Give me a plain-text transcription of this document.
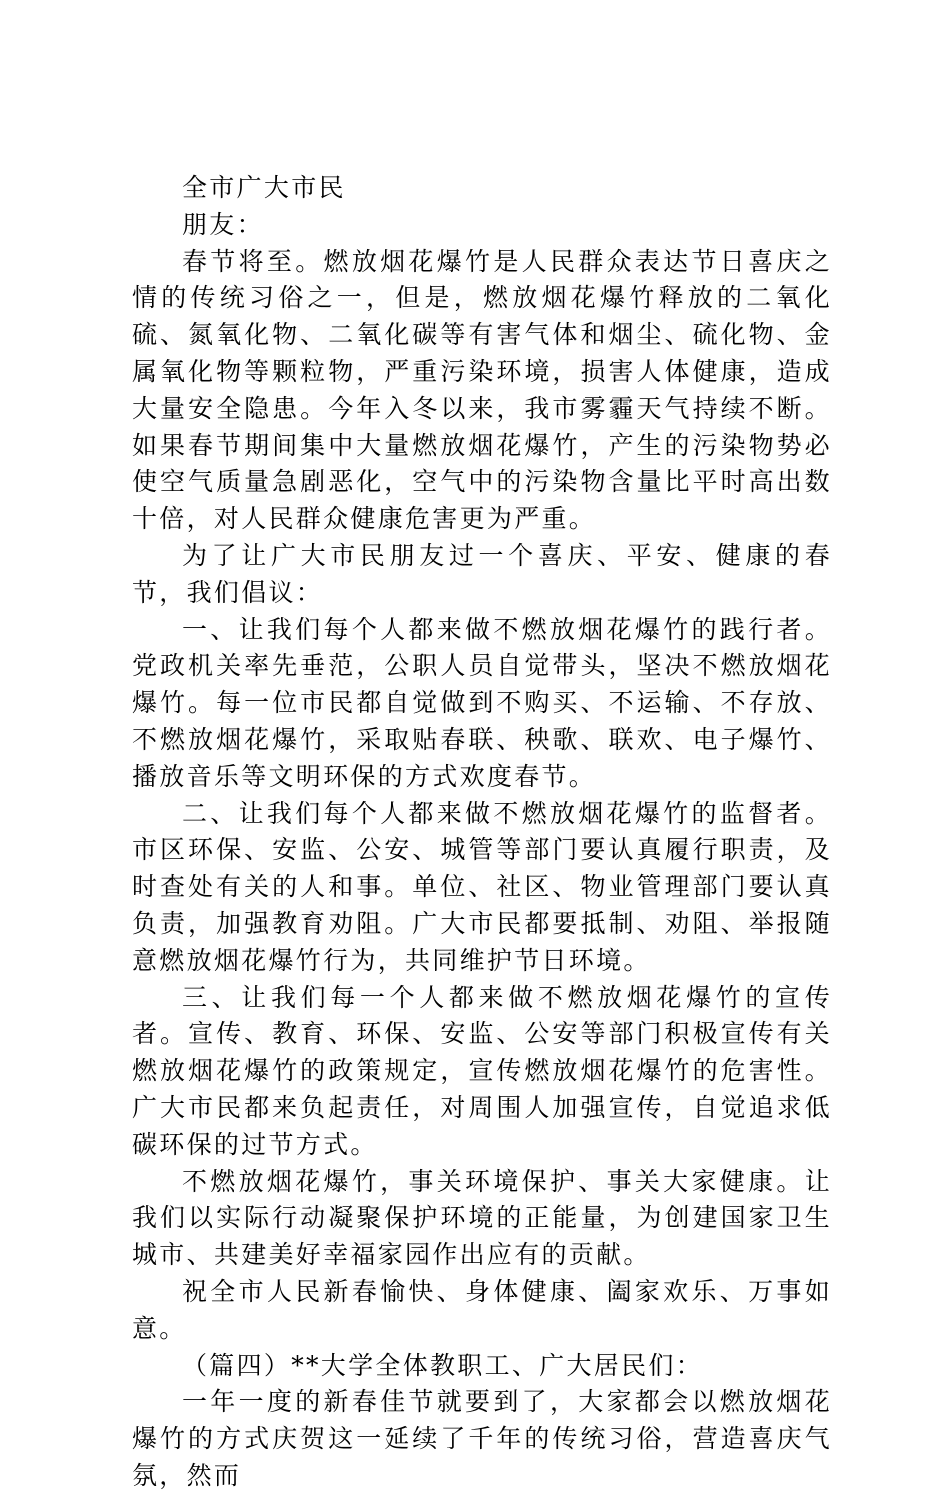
全市广大市民

朋友：

春节将至。燃放烟花爆竹是人民群众表达节日喜庆之情的传统习俗之一，但是，燃放烟花爆竹释放的二氧化硫、氮氧化物、二氧化碳等有害气体和烟尘、硫化物、金属氧化物等颗粒物，严重污染环境，损害人体健康，造成大量安全隐患。今年入冬以来，我市雾霾天气持续不断。如果春节期间集中大量燃放烟花爆竹，产生的污染物势必使空气质量急剧恶化，空气中的污染物含量比平时高出数十倍，对人民群众健康危害更为严重。

为了让广大市民朋友过一个喜庆、平安、健康的春节，我们倡议：

一、让我们每个人都来做不燃放烟花爆竹的践行者。党政机关率先垂范，公职人员自觉带头，坚决不燃放烟花爆竹。每一位市民都自觉做到不购买、不运输、不存放、不燃放烟花爆竹，采取贴春联、秧歌、联欢、电子爆竹、播放音乐等文明环保的方式欢度春节。

二、让我们每个人都来做不燃放烟花爆竹的监督者。市区环保、安监、公安、城管等部门要认真履行职责，及时查处有关的人和事。单位、社区、物业管理部门要认真负责，加强教育劝阻。广大市民都要抵制、劝阻、举报随意燃放烟花爆竹行为，共同维护节日环境。

三、让我们每一个人都来做不燃放烟花爆竹的宣传者。宣传、教育、环保、安监、公安等部门积极宣传有关燃放烟花爆竹的政策规定，宣传燃放烟花爆竹的危害性。广大市民都来负起责任，对周围人加强宣传，自觉追求低碳环保的过节方式。

不燃放烟花爆竹，事关环境保护、事关大家健康。让我们以实际行动凝聚保护环境的正能量，为创建国家卫生城市、共建美好幸福家园作出应有的贡献。

祝全市人民新春愉快、身体健康、阖家欢乐、万事如意。

（篇四）**大学全体教职工、广大居民们：

一年一度的新春佳节就要到了，大家都会以燃放烟花爆竹的方式庆贺这一延续了千年的传统习俗，营造喜庆气氛，然而
